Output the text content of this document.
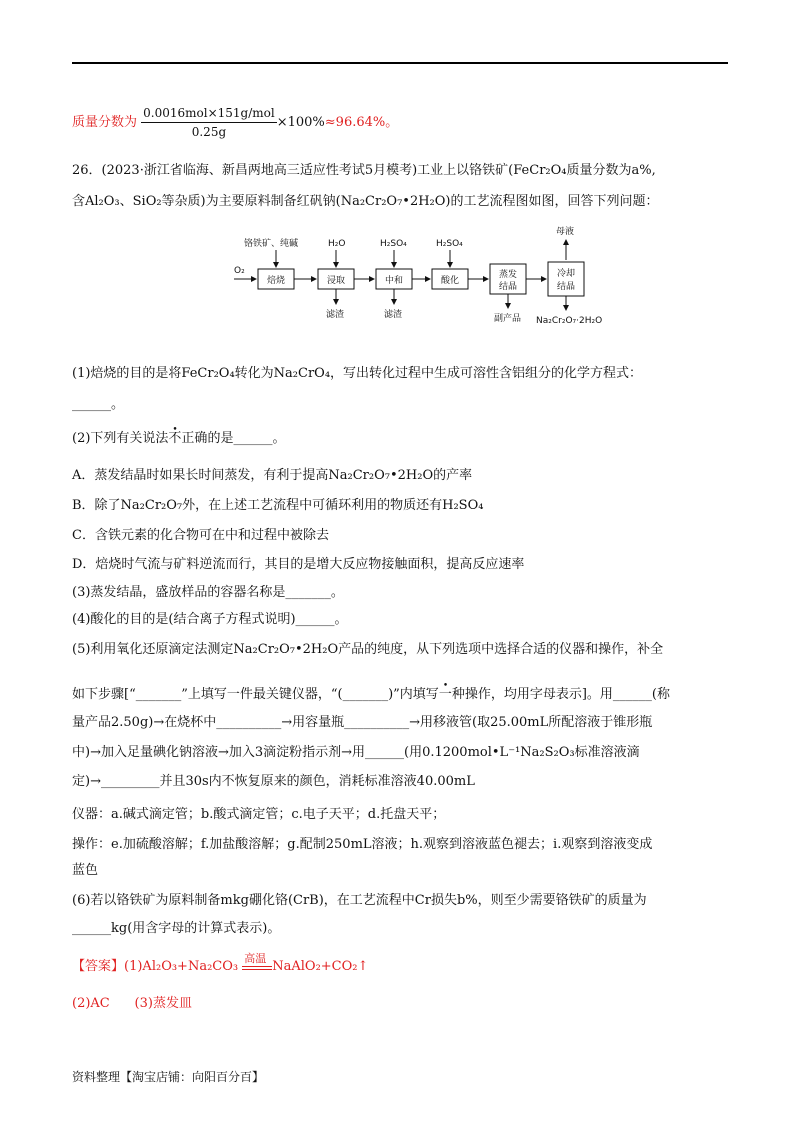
质量分数为 $\frac{\text{0.0016mol×151g/mol}}{0.25g} \times 100\%\approx 96.64\%$。
26．(2023·浙江省临海、新昌两地高三适应性考试5月模考)工业上以铬铁矿(FeCr₂O₄质量分数为a%,
含Al₂O₃、SiO₂等杂质)为主要原料制备红矾钠(Na₂Cr₂O₇•2H₂O)的工艺流程图如图，回答下列问题：
O₂
铬铁矿、纯碱	H₂O	H₂SO₄	H₂SO₄
母液
焙烧	浸取	中和	酸化
蒸发
结晶
冷却
结晶
滤渣	滤渣	副产品 Na₂Cr₂O₇·2H₂O
(1)焙烧的目的是将FeCr₂O₄转化为Na₂CrO₄，写出转化过程中生成可溶性含铝组分的化学方程式：
______。
(2)下列有关说法不正确的是______。
A．蒸发结晶时如果长时间蒸发，有利于提高Na₂Cr₂O₇•2H₂O的产率
B．除了Na₂Cr₂O₇外，在上述工艺流程中可循环利用的物质还有H₂SO₄
C．含铁元素的化合物可在中和过程中被除去
D．焙烧时气流与矿料逆流而行，其目的是增大反应物接触面积，提高反应速率
(3)蒸发结晶，盛放样品的容器名称是_______。
(4)酸化的目的是(结合离子方程式说明)______。
(5)利用氧化还原滴定法测定Na₂Cr₂O₇•2H₂O产品的纯度，从下列选项中选择合适的仪器和操作，补全
如下步骤[“_______”上填写一件最关键仪器，“(_______)”内填写一种操作，均用字母表示]。用______(称
量产品2.50g)→在烧杯中__________→用容量瓶__________→用移液管(取25.00mL所配溶液于锥形瓶
中)→加入足量碘化钠溶液→加入3滴淀粉指示剂→用______(用0.1200mol•L⁻¹Na₂S₂O₃标准溶液滴
定)→_________并且30s内不恢复原来的颜色，消耗标准溶液40.00mL
仪器：a.碱式滴定管；b.酸式滴定管；c.电子天平；d.托盘天平；
操作：e.加硫酸溶解；f.加盐酸溶解；g.配制250mL溶液；h.观察到溶液蓝色褪去；i.观察到溶液变成
蓝色
(6)若以铬铁矿为原料制备mkg硼化铬(CrB)，在工艺流程中Cr损失b%，则至少需要铬铁矿的质量为
______kg(用含字母的计算式表示)。
【答案】(1)Al₂O₃+Na₂CO₃
高温
NaAlO₂+CO₂↑
(2)AC      (3)蒸发皿
资料整理【淘宝店铺：向阳百分百】
